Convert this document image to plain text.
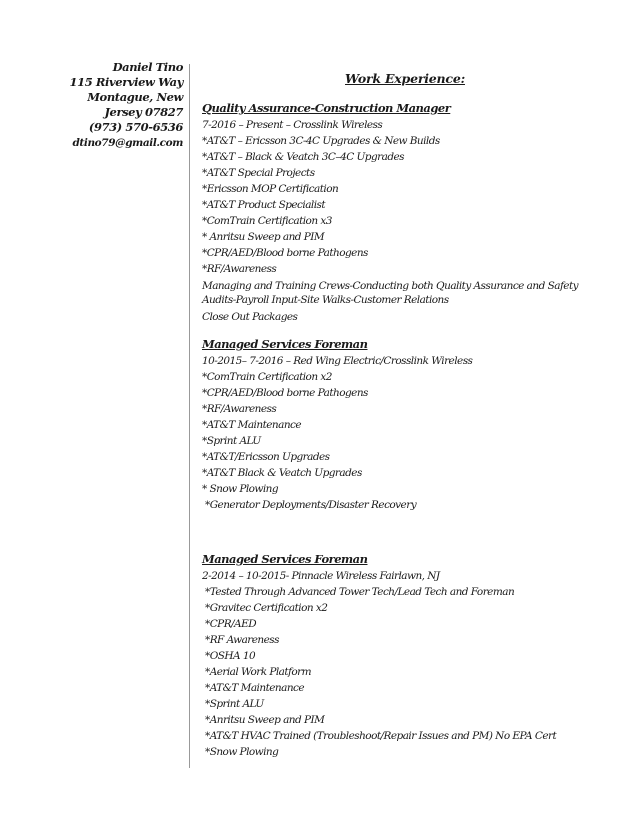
Daniel Tino
115 Riverview Way
Montague, New
Jersey 07827
(973) 570-6536
dtino79@gmail.com
Work Experience:
Quality Assurance-Construction Manager
7-2016 – Present – Crosslink Wireless
*AT&T – Ericsson 3C-4C Upgrades & New Builds
*AT&T – Black & Veatch 3C–4C Upgrades
*AT&T Special Projects
*Ericsson MOP Certification
*AT&T Product Specialist
*ComTrain Certification x3
* Anritsu Sweep and PIM
*CPR/AED/Blood borne Pathogens
*RF/Awareness
Managing and Training Crews-Conducting both Quality Assurance and Safety Audits-Payroll Input-Site Walks-Customer Relations
Close Out Packages
Managed Services Foreman
10-2015– 7-2016 – Red Wing Electric/Crosslink Wireless
*ComTrain Certification x2
*CPR/AED/Blood borne Pathogens
*RF/Awareness
*AT&T Maintenance
*Sprint ALU
*AT&T/Ericsson Upgrades
*AT&T Black & Veatch Upgrades
* Snow Plowing
*Generator Deployments/Disaster Recovery
Managed Services Foreman
2-2014 – 10-2015- Pinnacle Wireless Fairlawn, NJ
*Tested Through Advanced Tower Tech/Lead Tech and Foreman
*Gravitec Certification x2
*CPR/AED
*RF Awareness
*OSHA 10
*Aerial Work Platform
*AT&T Maintenance
*Sprint ALU
*Anritsu Sweep and PIM
*AT&T HVAC Trained (Troubleshoot/Repair Issues and PM) No EPA Cert
*Snow Plowing
